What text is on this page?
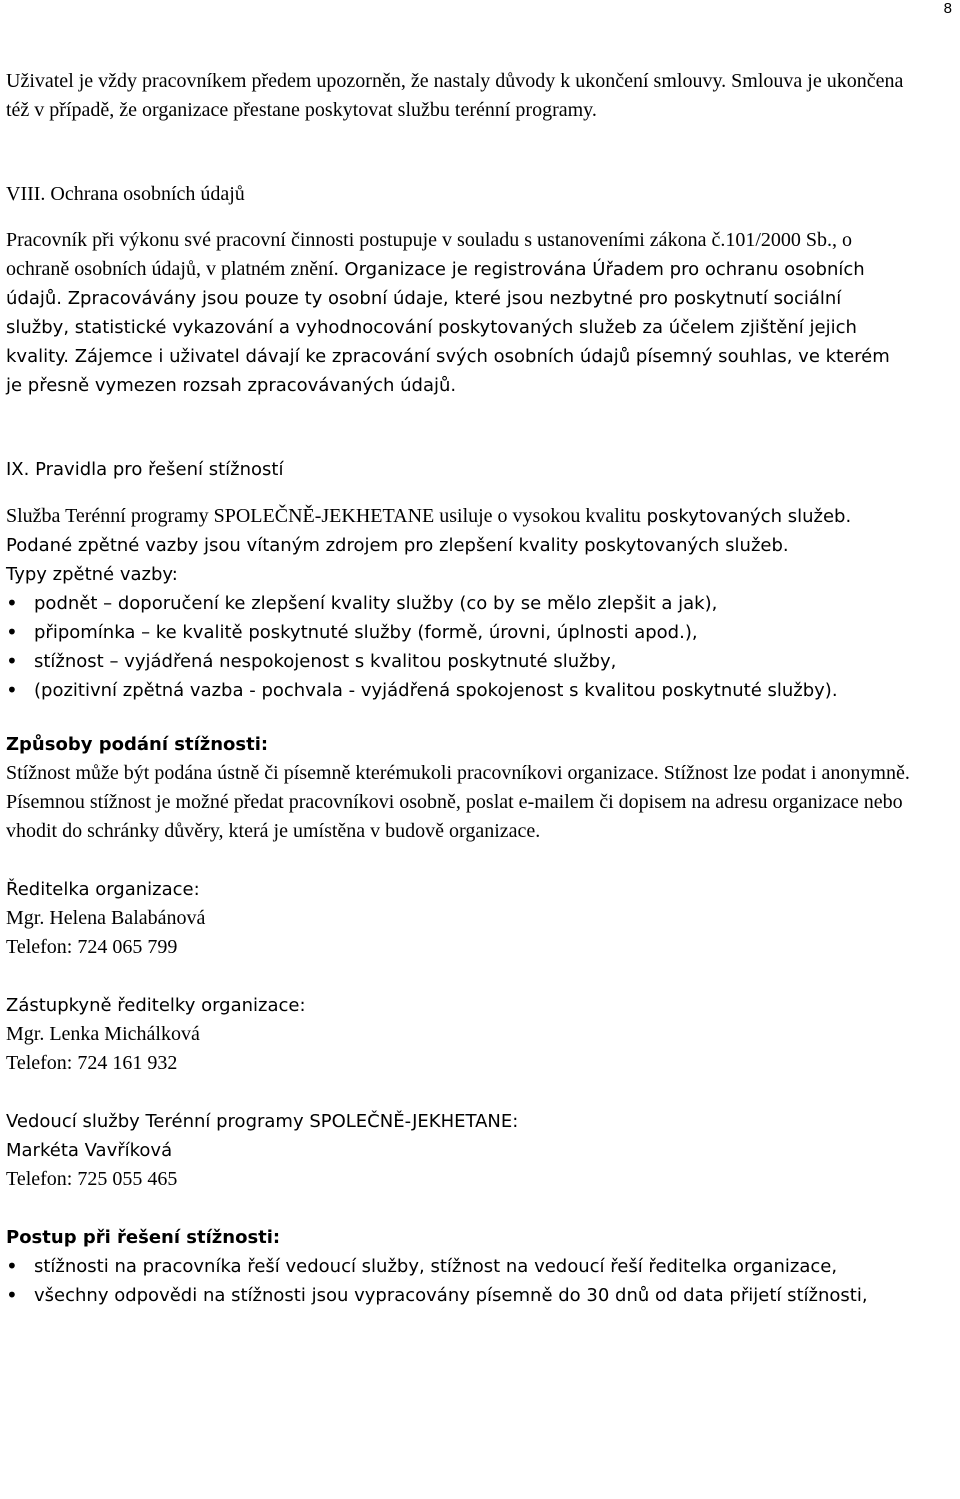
8

Uživatel je vždy pracovníkem předem upozorněn, že nastaly důvody k ukončení smlouvy. Smlouva je ukončena též v případě, že organizace přestane poskytovat službu terénní programy.

VIII. Ochrana osobních údajů

Pracovník při výkonu své pracovní činnosti postupuje v souladu s ustanoveními zákona č.101/2000 Sb., o ochraně osobních údajů, v platném znění. Organizace je registrována Úřadem pro ochranu osobních údajů. Zpracovávány jsou pouze ty osobní údaje, které jsou nezbytné pro poskytnutí sociální služby, statistické vykazování a vyhodnocování poskytovaných služeb za účelem zjištění jejich kvality. Zájemce i uživatel dávají ke zpracování svých osobních údajů písemný souhlas, ve kterém je přesně vymezen rozsah zpracovávaných údajů.

IX. Pravidla pro řešení stížností

Služba Terénní programy SPOLEČNĚ-JEKHETANE usiluje o vysokou kvalitu poskytovaných služeb. Podané zpětné vazby jsou vítaným zdrojem pro zlepšení kvality poskytovaných služeb.

Typy zpětné vazby:

• podnět – doporučení ke zlepšení kvality služby (co by se mělo zlepšit a jak),
• připomínka – ke kvalitě poskytnuté služby (formě, úrovni, úplnosti apod.),
• stížnost – vyjádřená nespokojenost s kvalitou poskytnuté služby,
• (pozitivní zpětná vazba - pochvala - vyjádřená spokojenost s kvalitou poskytnuté služby).

Způsoby podání stížnosti:

Stížnost může být podána ústně či písemně kterémukoli pracovníkovi organizace. Stížnost lze podat i anonymně.

Písemnou stížnost je možné předat pracovníkovi osobně, poslat e-mailem či dopisem na adresu organizace nebo vhodit do schránky důvěry, která je umístěna v budově organizace.

Ředitelka organizace:

Mgr. Helena Balabánová

Telefon: 724 065 799

Zástupkyně ředitelky organizace:

Mgr. Lenka Michálková

Telefon: 724 161 932

Vedoucí služby Terénní programy SPOLEČNĚ-JEKHETANE:

Markéta Vavříková

Telefon: 725 055 465

Postup při řešení stížnosti:

• stížnosti na pracovníka řeší vedoucí služby, stížnost na vedoucí řeší ředitelka organizace,
• všechny odpovědi na stížnosti jsou vypracovány písemně do 30 dnů od data přijetí stížnosti,
